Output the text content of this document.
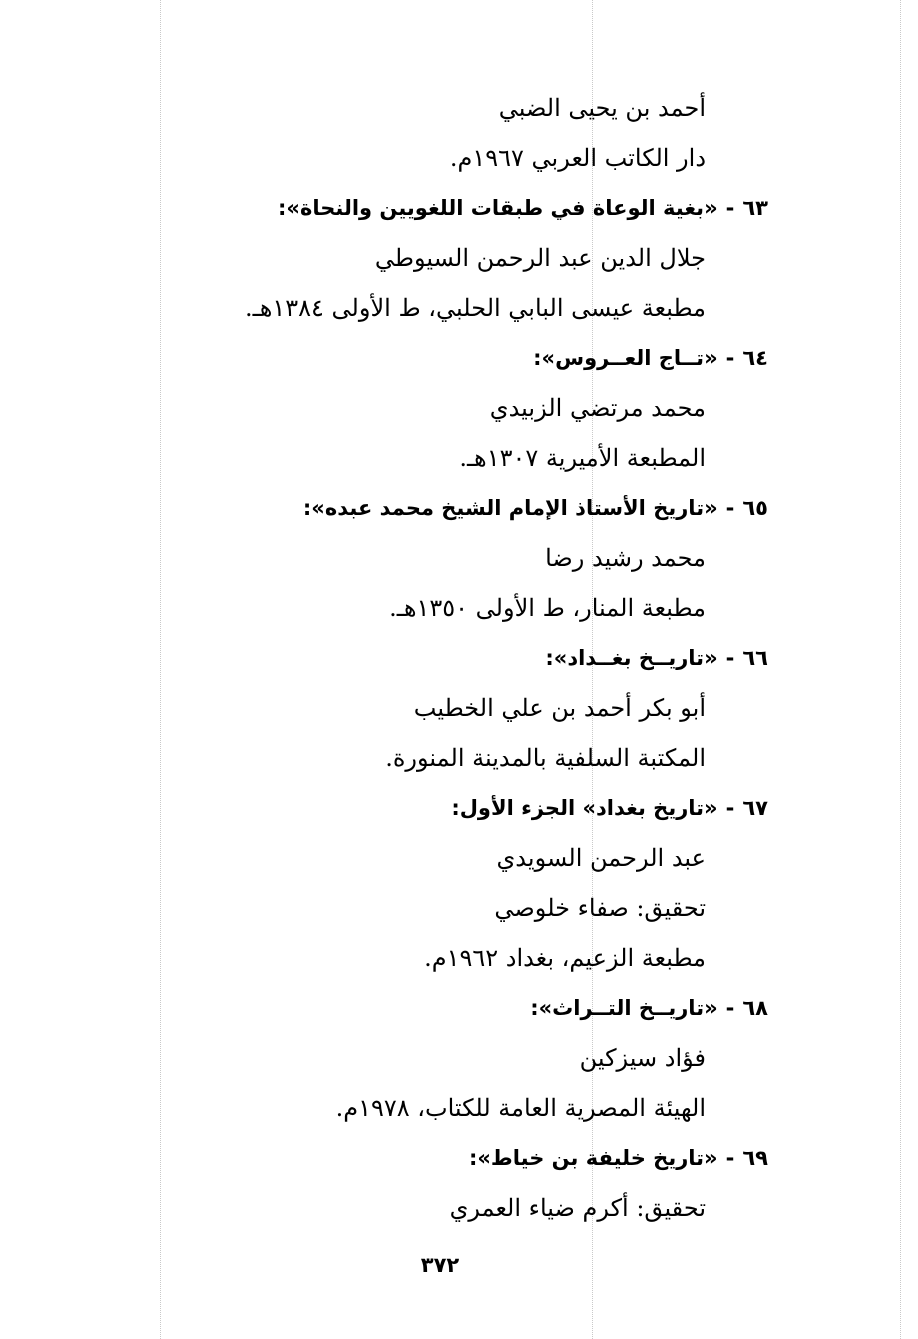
أحمد بن يحيى الضبي
دار الكاتب العربي ١٩٦٧م.
٦٣-«بغية الوعاة في طبقات اللغويين والنحاة»:
جلال الدين عبد الرحمن السيوطي
مطبعة عيسى البابي الحلبي، ط الأولى ١٣٨٤هـ.
٦٤-«تــاج العــروس»:
محمد مرتضي الزبيدي
المطبعة الأميرية ١٣٠٧هـ.
٦٥-«تاريخ الأستاذ الإمام الشيخ محمد عبده»:
محمد رشيد رضا
مطبعة المنار، ط الأولى ١٣٥٠هـ.
٦٦-«تاريــخ بغــداد»:
أبو بكر أحمد بن علي الخطيب
المكتبة السلفية بالمدينة المنورة.
٦٧-«تاريخ بغداد» الجزء الأول:
عبد الرحمن السويدي
تحقيق: صفاء خلوصي
مطبعة الزعيم، بغداد ١٩٦٢م.
٦٨-«تاريــخ التــراث»:
فؤاد سيزكين
الهيئة المصرية العامة للكتاب، ١٩٧٨م.
٦٩-«تاريخ خليفة بن خياط»:
تحقيق: أكرم ضياء العمري
٣٧٢
